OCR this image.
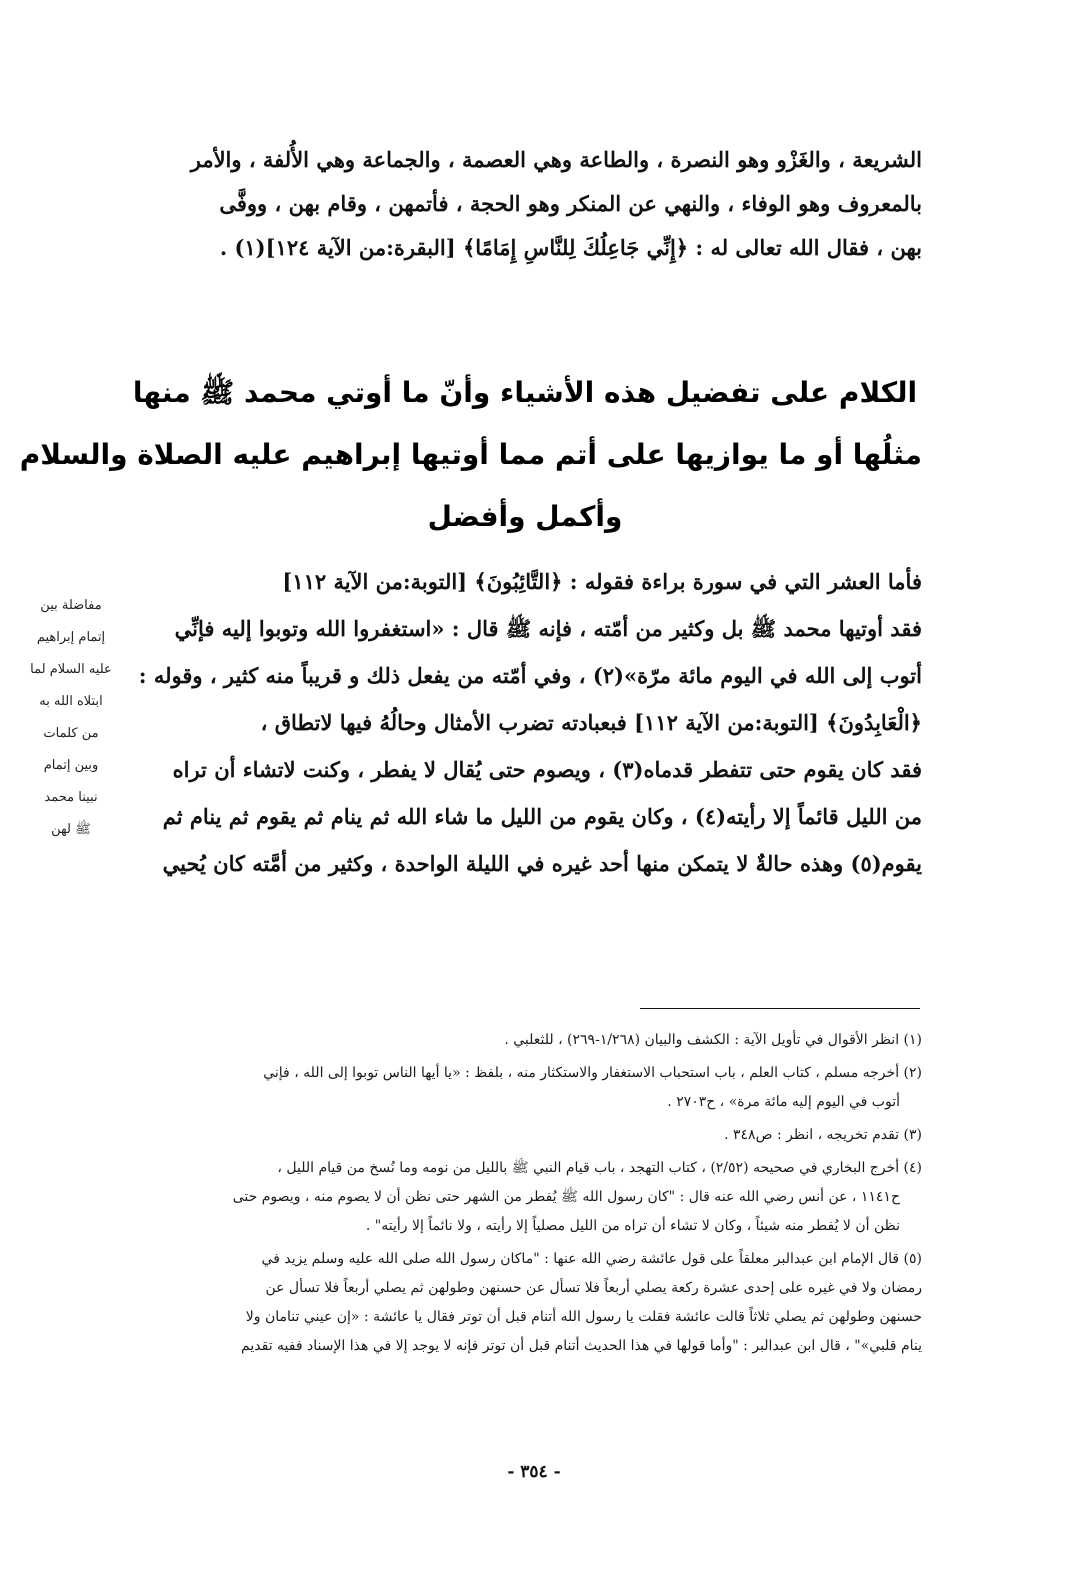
الشريعة ، والغَزْو وهو النصرة ، والطاعة وهي العصمة ، والجماعة وهي الأُلفة ، والأمر
بالمعروف وهو الوفاء ، والنهي عن المنكر وهو الحجة ، فأتمهن ، وقام بهن ، ووفَّى
بهن ، فقال الله تعالى له : ﴿إِنِّي جَاعِلُكَ لِلنَّاسِ إِمَامًا﴾ [البقرة:من الآية ١٢٤](١) .
الكلام على تفضيل هذه الأشياء وأنّ ما أوتي محمد ﷺ منها
مثلُها أو ما يوازيها على أتم مما أوتيها إبراهيم عليه الصلاة والسلام
وأكمل وأفضل
فأما العشر التي في سورة براءة فقوله : ﴿التَّائِبُونَ﴾ [التوبة:من الآية ١١٢]
فقد أوتيها محمد ﷺ بل وكثير من أمّته ، فإنه ﷺ قال : «استغفروا الله وتوبوا إليه فإنِّي
أتوب إلى الله في اليوم مائة مرّة»(٢) ، وفي أمّته من يفعل ذلك و قريباً منه كثير ، وقوله :
﴿الْعَابِدُونَ﴾ [التوبة:من الآية ١١٢] فبعبادته تضرب الأمثال وحالُهُ فيها لاتطاق ،
فقد كان يقوم حتى تتفطر قدماه(٣) ، ويصوم حتى يُقال لا يفطر ، وكنت لاتشاء أن تراه
من الليل قائماً إلا رأيته(٤) ، وكان يقوم من الليل ما شاء الله ثم ينام ثم يقوم ثم ينام ثم
يقوم(٥) وهذه حالةٌ لا يتمكن منها أحد غيره في الليلة الواحدة ، وكثير من أمَّته كان يُحيي
مفاضلة بين
إتمام إبراهيم
عليه السلام لما
ابتلاه الله به
من كلمات
وبين إتمام
نبينا محمد
ﷺ لهن
(١) انظر الأقوال في تأويل الآية : الكشف والبيان (١/٢٦٨-٢٦٩) ، للثعلبي .
(٢) أخرجه مسلم ، كتاب العلم ، باب استحباب الاستغفار والاستكثار منه ، بلفظ : «يا أيها الناس توبوا إلى الله ، فإني
أتوب في اليوم إليه مائة مرة» ، ح٢٧٠٣ .
(٣) تقدم تخريجه ، انظر : ص٣٤٨ .
(٤) أخرج البخاري في صحيحه (٢/٥٢) ، كتاب التهجد ، باب قيام النبي ﷺ بالليل من نومه وما نُسخ من قيام الليل ،
ح١١٤١ ، عن أنس رضي الله عنه قال : "كان رسول الله ﷺ يُفطر من الشهر حتى نظن أن لا يصوم منه ، ويصوم حتى
نظن أن لا يُفطر منه شيئاً ، وكان لا تشاء أن تراه من الليل مصلياً إلا رأيته ، ولا نائماً إلا رأيته" .
(٥) قال الإمام ابن عبدالبر معلقاً على قول عائشة رضي الله عنها : "ماكان رسول الله صلى الله عليه وسلم يزيد في
رمضان ولا في غيره على إحدى عشرة ركعة يصلي أربعاً فلا تسأل عن حسنهن وطولهن ثم يصلي أربعاً فلا تسأل عن
حسنهن وطولهن ثم يصلي ثلاثاً قالت عائشة فقلت يا رسول الله أتنام قبل أن توتر فقال يا عائشة : «إن عيني تنامان ولا
ينام قلبي»" ، قال ابن عبدالبر : "وأما قولها في هذا الحديث أتنام قبل أن توتر فإنه لا يوجد إلا في هذا الإسناد ففيه تقديم
- ٣٥٤ -
